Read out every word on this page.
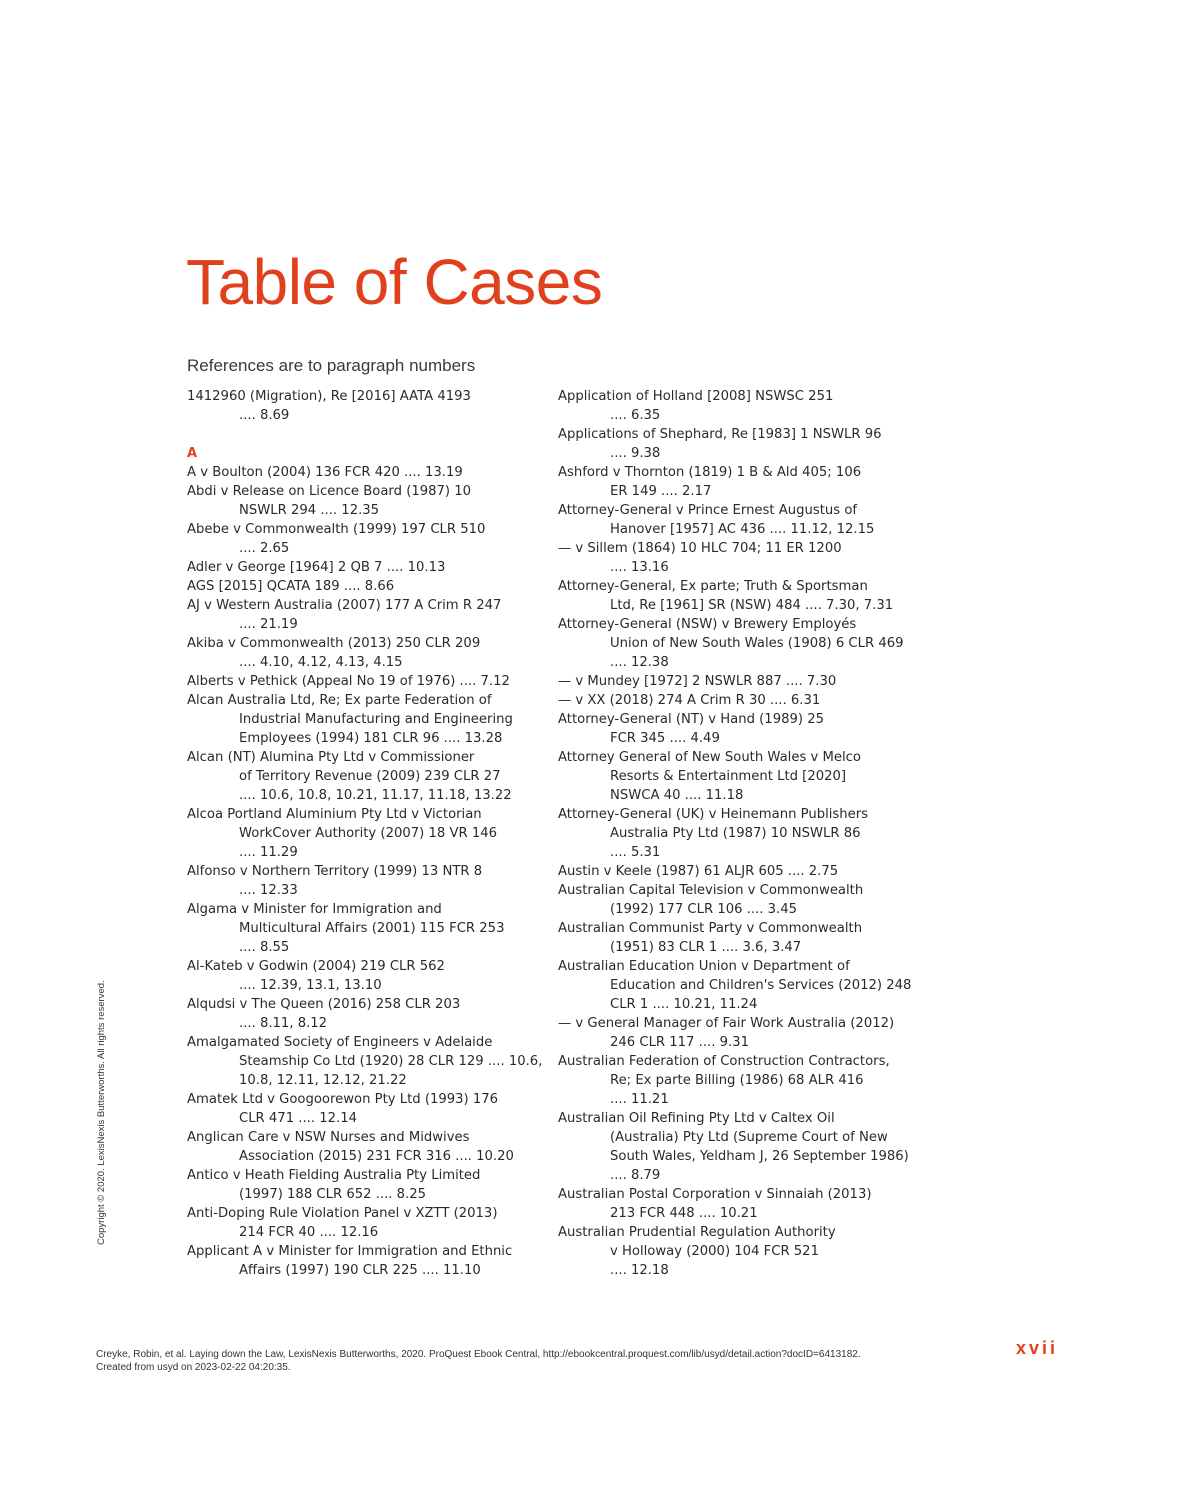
Table of Cases
References are to paragraph numbers
1412960 (Migration), Re [2016] AATA 4193
.... 8.69
A
A v Boulton (2004) 136 FCR 420 .... 13.19
Abdi v Release on Licence Board (1987) 10
NSWLR 294 .... 12.35
Abebe v Commonwealth (1999) 197 CLR 510
.... 2.65
Adler v George [1964] 2 QB 7 .... 10.13
AGS [2015] QCATA 189 .... 8.66
AJ v Western Australia (2007) 177 A Crim R 247
.... 21.19
Akiba v Commonwealth (2013) 250 CLR 209
.... 4.10, 4.12, 4.13, 4.15
Alberts v Pethick (Appeal No 19 of 1976) .... 7.12
Alcan Australia Ltd, Re; Ex parte Federation of
Industrial Manufacturing and Engineering
Employees (1994) 181 CLR 96 .... 13.28
Alcan (NT) Alumina Pty Ltd v Commissioner
of Territory Revenue (2009) 239 CLR 27
.... 10.6, 10.8, 10.21, 11.17, 11.18, 13.22
Alcoa Portland Aluminium Pty Ltd v Victorian
WorkCover Authority (2007) 18 VR 146
.... 11.29
Alfonso v Northern Territory (1999) 13 NTR 8
.... 12.33
Algama v Minister for Immigration and
Multicultural Affairs (2001) 115 FCR 253
.... 8.55
Al-Kateb v Godwin (2004) 219 CLR 562
.... 12.39, 13.1, 13.10
Alqudsi v The Queen (2016) 258 CLR 203
.... 8.11, 8.12
Amalgamated Society of Engineers v Adelaide
Steamship Co Ltd (1920) 28 CLR 129 .... 10.6,
10.8, 12.11, 12.12, 21.22
Amatek Ltd v Googoorewon Pty Ltd (1993) 176
CLR 471 .... 12.14
Anglican Care v NSW Nurses and Midwives
Association (2015) 231 FCR 316 .... 10.20
Antico v Heath Fielding Australia Pty Limited
(1997) 188 CLR 652 .... 8.25
Anti-Doping Rule Violation Panel v XZTT (2013)
214 FCR 40 .... 12.16
Applicant A v Minister for Immigration and Ethnic
Affairs (1997) 190 CLR 225 .... 11.10
Application of Holland [2008] NSWSC 251
.... 6.35
Applications of Shephard, Re [1983] 1 NSWLR 96
.... 9.38
Ashford v Thornton (1819) 1 B & Ald 405; 106
ER 149 .... 2.17
Attorney-General v Prince Ernest Augustus of
Hanover [1957] AC 436 .... 11.12, 12.15
— v Sillem (1864) 10 HLC 704; 11 ER 1200
.... 13.16
Attorney-General, Ex parte; Truth & Sportsman
Ltd, Re [1961] SR (NSW) 484 .... 7.30, 7.31
Attorney-General (NSW) v Brewery Employés
Union of New South Wales (1908) 6 CLR 469
.... 12.38
— v Mundey [1972] 2 NSWLR 887 .... 7.30
— v XX (2018) 274 A Crim R 30 .... 6.31
Attorney-General (NT) v Hand (1989) 25
FCR 345 .... 4.49
Attorney General of New South Wales v Melco
Resorts & Entertainment Ltd [2020]
NSWCA 40 .... 11.18
Attorney-General (UK) v Heinemann Publishers
Australia Pty Ltd (1987) 10 NSWLR 86
.... 5.31
Austin v Keele (1987) 61 ALJR 605 .... 2.75
Australian Capital Television v Commonwealth
(1992) 177 CLR 106 .... 3.45
Australian Communist Party v Commonwealth
(1951) 83 CLR 1 .... 3.6, 3.47
Australian Education Union v Department of
Education and Children's Services (2012) 248
CLR 1 .... 10.21, 11.24
— v General Manager of Fair Work Australia (2012)
246 CLR 117 .... 9.31
Australian Federation of Construction Contractors,
Re; Ex parte Billing (1986) 68 ALR 416
.... 11.21
Australian Oil Refining Pty Ltd v Caltex Oil
(Australia) Pty Ltd (Supreme Court of New
South Wales, Yeldham J, 26 September 1986)
.... 8.79
Australian Postal Corporation v Sinnaiah (2013)
213 FCR 448 .... 10.21
Australian Prudential Regulation Authority
v Holloway (2000) 104 FCR 521
.... 12.18
Copyright © 2020. LexisNexis Butterworths. All rights reserved.
Creyke, Robin, et al. Laying down the Law, LexisNexis Butterworths, 2020. ProQuest Ebook Central, http://ebookcentral.proquest.com/lib/usyd/detail.action?docID=6413182.
Created from usyd on 2023-02-22 04:20:35.
xvii
